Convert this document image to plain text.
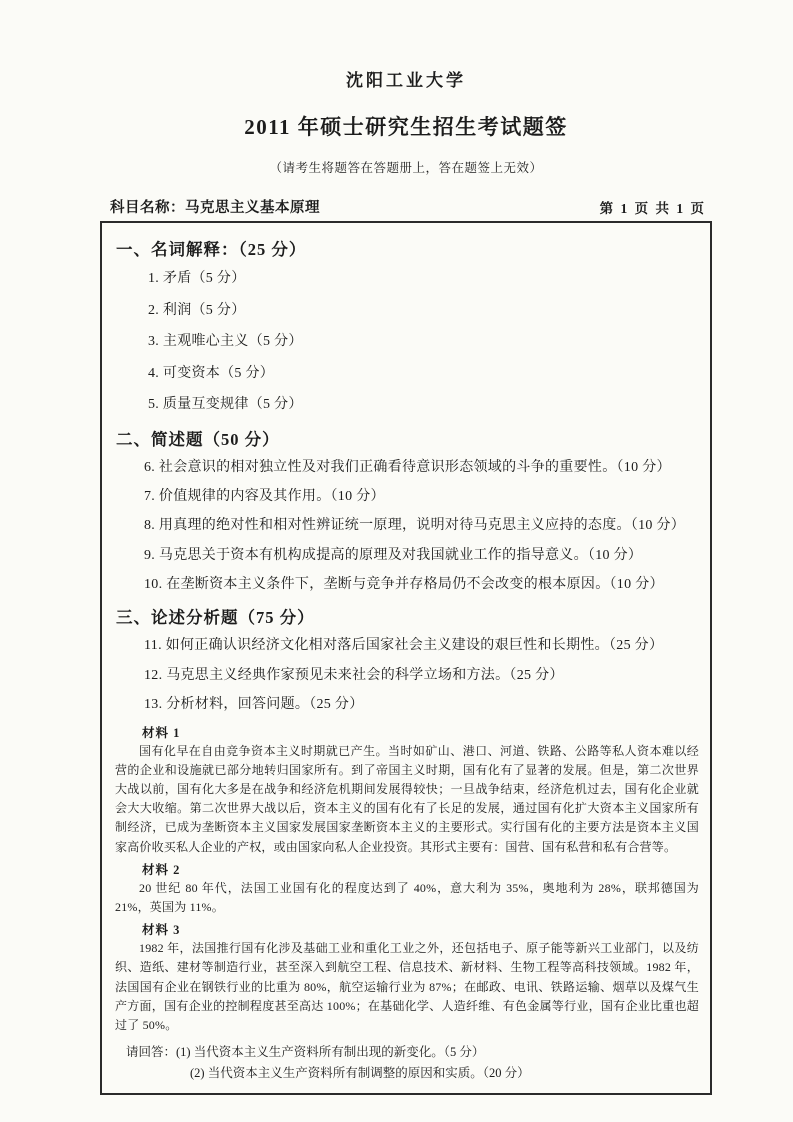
沈阳工业大学
2011 年硕士研究生招生考试题签
（请考生将题答在答题册上，答在题签上无效）
科目名称：马克思主义基本原理	第 1 页 共 1 页
一、名词解释：（25 分）
1. 矛盾（5 分）
2. 利润（5 分）
3. 主观唯心主义（5 分）
4. 可变资本（5 分）
5. 质量互变规律（5 分）
二、简述题（50 分）
6. 社会意识的相对独立性及对我们正确看待意识形态领域的斗争的重要性。（10 分）
7. 价值规律的内容及其作用。（10 分）
8. 用真理的绝对性和相对性辨证统一原理，说明对待马克思主义应持的态度。（10 分）
9. 马克思关于资本有机构成提高的原理及对我国就业工作的指导意义。（10 分）
10. 在垄断资本主义条件下，垄断与竞争并存格局仍不会改变的根本原因。（10 分）
三、论述分析题（75 分）
11. 如何正确认识经济文化相对落后国家社会主义建设的艰巨性和长期性。（25 分）
12. 马克思主义经典作家预见未来社会的科学立场和方法。（25 分）
13. 分析材料，回答问题。（25 分）
材料 1

国有化早在自由竞争资本主义时期就已产生。当时如矿山、港口、河道、铁路、公路等私人资本难以经营的企业和设施就已部分地转归国家所有。到了帝国主义时期，国有化有了显著的发展。但是，第二次世界大战以前，国有化大多是在战争和经济危机期间发展得较快；一旦战争结束，经济危机过去，国有化企业就会大大收缩。第二次世界大战以后，资本主义的国有化有了长足的发展，通过国有化扩大资本主义国家所有制经济，已成为垄断资本主义国家发展国家垄断资本主义的主要形式。实行国有化的主要方法是资本主义国家高价收买私人企业的产权，或由国家向私人企业投资。其形式主要有：国营、国有私营和私有合营等。

材料 2

20 世纪 80 年代，法国工业国有化的程度达到了 40%，意大利为 35%，奥地利为 28%，联邦德国为 21%，英国为 11%。

材料 3

1982 年，法国推行国有化涉及基础工业和重化工业之外，还包括电子、原子能等新兴工业部门，以及纺织、造纸、建材等制造行业，甚至深入到航空工程、信息技术、新材料、生物工程等高科技领域。1982 年，法国国有企业在钢铁行业的比重为 80%，航空运输行业为 87%；在邮政、电讯、铁路运输、烟草以及煤气生产方面，国有企业的控制程度甚至高达 100%；在基础化学、人造纤维、有色金属等行业，国有企业比重也超过了 50%。

请回答：(1) 当代资本主义生产资料所有制出现的新变化。（5 分）
(2) 当代资本主义生产资料所有制调整的原因和实质。（20 分）
